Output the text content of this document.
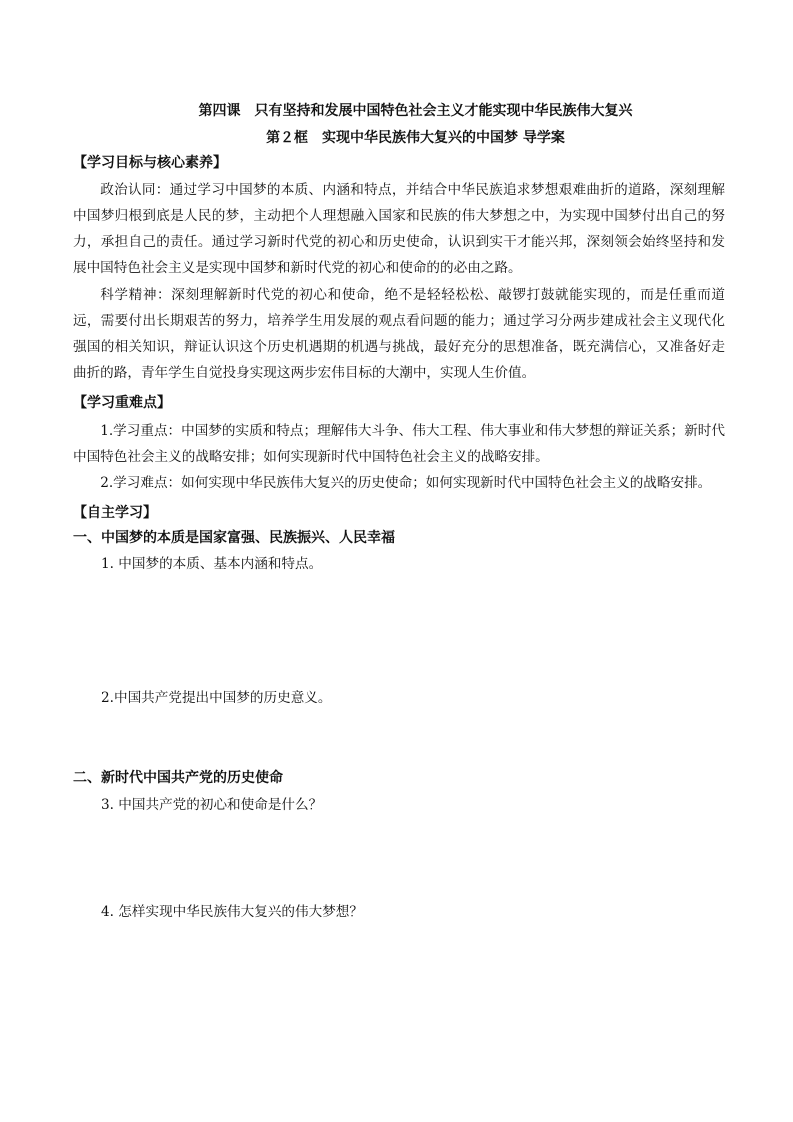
第四课　只有坚持和发展中国特色社会主义才能实现中华民族伟大复兴
第２框　实现中华民族伟大复兴的中国梦 导学案
【学习目标与核心素养】
政治认同：通过学习中国梦的本质、内涵和特点，并结合中华民族追求梦想艰难曲折的道路，深刻理解中国梦归根到底是人民的梦，主动把个人理想融入国家和民族的伟大梦想之中，为实现中国梦付出自己的努力，承担自己的责任。通过学习新时代党的初心和历史使命，认识到实干才能兴邦，深刻领会始终坚持和发展中国特色社会主义是实现中国梦和新时代党的初心和使命的的必由之路。
科学精神：深刻理解新时代党的初心和使命，绝不是轻轻松松、敲锣打鼓就能实现的，而是任重而道远，需要付出长期艰苦的努力，培养学生用发展的观点看问题的能力；通过学习分两步建成社会主义现代化强国的相关知识，辩证认识这个历史机遇期的机遇与挑战，最好充分的思想准备，既充满信心，又准备好走曲折的路，青年学生自觉投身实现这两步宏伟目标的大潮中，实现人生价值。
【学习重难点】
1.学习重点：中国梦的实质和特点；理解伟大斗争、伟大工程、伟大事业和伟大梦想的辩证关系；新时代中国特色社会主义的战略安排；如何实现新时代中国特色社会主义的战略安排。
2.学习难点：如何实现中华民族伟大复兴的历史使命；如何实现新时代中国特色社会主义的战略安排。
【自主学习】
一、中国梦的本质是国家富强、民族振兴、人民幸福
1. 中国梦的本质、基本内涵和特点。
2.中国共产党提出中国梦的历史意义。
二、新时代中国共产党的历史使命
3. 中国共产党的初心和使命是什么？
4. 怎样实现中华民族伟大复兴的伟大梦想？
